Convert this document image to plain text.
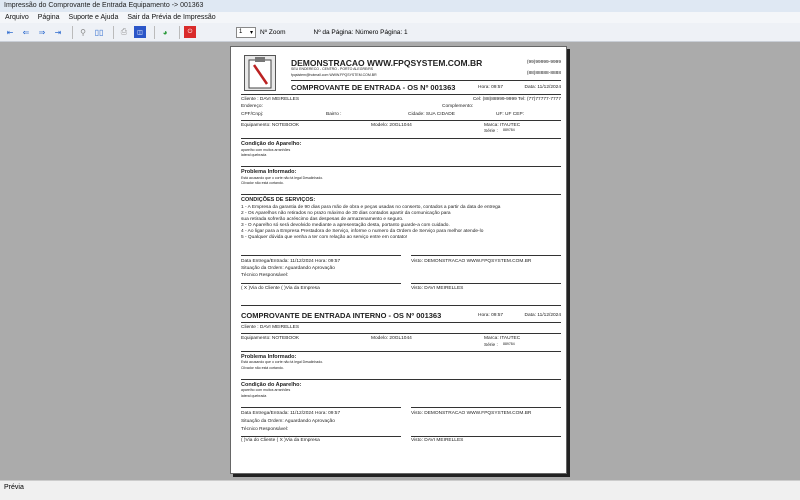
Impressão do Comprovante de Entrada Equipamento -> 001363
Arquivo Página Suporte e Ajuda Sair da Prévia de Impressão
⇤	⇐	⇒	⇥	⚲	▯▯	⎙	◫	◕	⏻	1 ▾ Nº Zoom	Nº da Página: Número Página: 1
DEMONSTRACAO WWW.FPQSYSTEM.COM.BR
SEU ENDERECO - CENTRO - PORTO ALEGRE/RS
fpqsistem@hotmail.com WWW.FPQSYSTEM.COM.BR
(99)99999-9999
(88)88888-8888
COMPROVANTE DE ENTRADA - OS Nº 001363	Hora: 09:57	Data: 11/12/2024
Cliente : DAVI MEIRELLES	Cel: (88)88999-9999 Tel: (77)77777-7777
Endereço:	Complemento:
CPF/Cnpj:	Bairro :	Cidade: SUA CIDADE	UF: UF CEP:
Equipamento: NOTEBOOK	Modelo: 20GL1044	Marca: ITAUTEC
Série : 889784
Condição do Aparelho:
aparelho com muitos arranhões
lateral quebrada
Problema Informado:
Está acusando que o corte não tá legal Desalinhado.
Cilvador não está cortando.
CONDIÇÕES DE SERVIÇOS:
1 - A Empresa da garantia de 90 dias para mão de obra e peças usadas no conserto, contados a partir da data de entrega
2 - Os Aparelhos não retirados no prazo máximo de 30 dias contados apartir da comunicação para
sua retirada sofrerão acréscimo das despesas de armazenamento e seguro.
3 - O Aparelho só será devolvido mediante a apresentação desta, portanto guarde-a com cuidado.
4 - Ao ligar para a Empresa Prestadora de Serviço, informe o numero da Ordem de Serviço para melhor atende-lo
5 - Qualquer dúvida que venha a ter com relação ao serviço entre em contato!
Data Entrega/Entrada: 11/12/2024 Hora: 09:57	Visto: DEMONSTRACAO WWW.FPQSYSTEM.COM.BR
Situação da Ordem: Aguardando Aprovação
Técnico Responsável:
( X )Via do Cliente ( )Via da Empresa	Visto: DAVI MEIRELLES
COMPROVANTE DE ENTRADA INTERNO - OS Nº 001363	Hora: 09:57	Data: 11/12/2024
Cliente : DAVI MEIRELLES
Equipamento: NOTEBOOK	Modelo: 20GL1044	Marca: ITAUTEC
Série : 889784
Problema Informado:
Está acusando que o corte não tá legal Desalinhado.
Cilvador não está cortando.
Condição do Aparelho:
aparelho com muitos arranhões
lateral quebrada
Data Entrega/Entrada: 11/12/2024 Hora: 09:57	Visto: DEMONSTRACAO WWW.FPQSYSTEM.COM.BR
Situação da Ordem: Aguardando Aprovação
Técnico Responsável:
( )Via do Cliente ( X )Via da Empresa	Visto: DAVI MEIRELLES
Prévia
